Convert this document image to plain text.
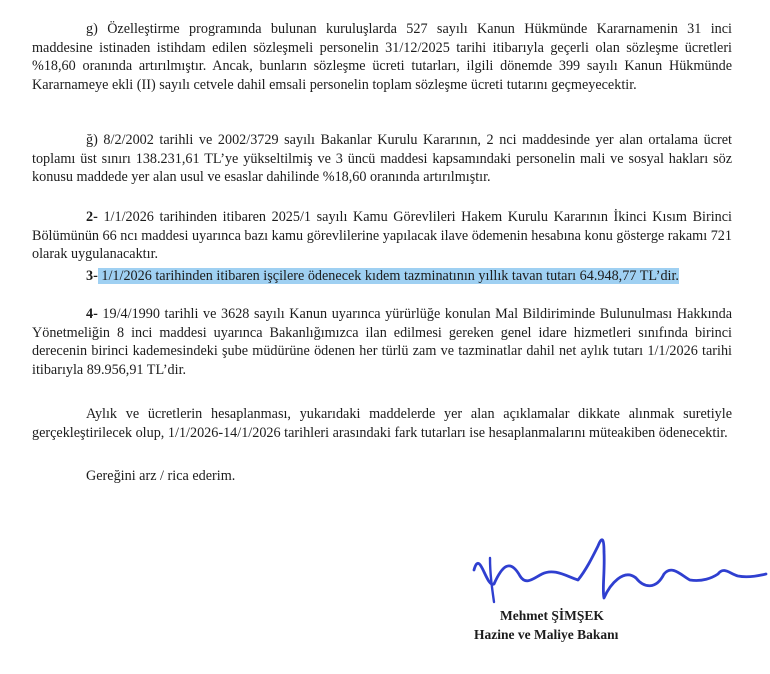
g) Özelleştirme programında bulunan kuruluşlarda 527 sayılı Kanun Hükmünde Kararnamenin 31 inci maddesine istinaden istihdam edilen sözleşmeli personelin 31/12/2025 tarihi itibarıyla geçerli olan sözleşme ücretleri %18,60 oranında artırılmıştır. Ancak, bunların sözleşme ücreti tutarları, ilgili dönemde 399 sayılı Kanun Hükmünde Kararnameye ekli (II) sayılı cetvele dahil emsali personelin toplam sözleşme ücreti tutarını geçmeyecektir.

ğ) 8/2/2002 tarihli ve 2002/3729 sayılı Bakanlar Kurulu Kararının, 2 nci maddesinde yer alan ortalama ücret toplamı üst sınırı 138.231,61 TL’ye yükseltilmiş ve 3 üncü maddesi kapsamındaki personelin mali ve sosyal hakları söz konusu maddede yer alan usul ve esaslar dahilinde %18,60 oranında artırılmıştır.

2- 1/1/2026 tarihinden itibaren 2025/1 sayılı Kamu Görevlileri Hakem Kurulu Kararının İkinci Kısım Birinci Bölümünün 66 ncı maddesi uyarınca bazı kamu görevlilerine yapılacak ilave ödemenin hesabına konu gösterge rakamı 721 olarak uygulanacaktır.

3- 1/1/2026 tarihinden itibaren işçilere ödenecek kıdem tazminatının yıllık tavan tutarı 64.948,77 TL’dir.

4- 19/4/1990 tarihli ve 3628 sayılı Kanun uyarınca yürürlüğe konulan Mal Bildiriminde Bulunulması Hakkında Yönetmeliğin 8 inci maddesi uyarınca Bakanlığımızca ilan edilmesi gereken genel idare hizmetleri sınıfında birinci derecenin birinci kademesindeki şube müdürüne ödenen her türlü zam ve tazminatlar dahil net aylık tutarı 1/1/2026 tarihi itibarıyla 89.956,91 TL’dir.

Aylık ve ücretlerin hesaplanması, yukarıdaki maddelerde yer alan açıklamalar dikkate alınmak suretiyle gerçekleştirilecek olup, 1/1/2026-14/1/2026 tarihleri arasındaki fark tutarları ise hesaplanmalarını müteakiben ödenecektir.

Gereğini arz / rica ederim.

Mehmet ŞİMŞEK

Hazine ve Maliye Bakanı
